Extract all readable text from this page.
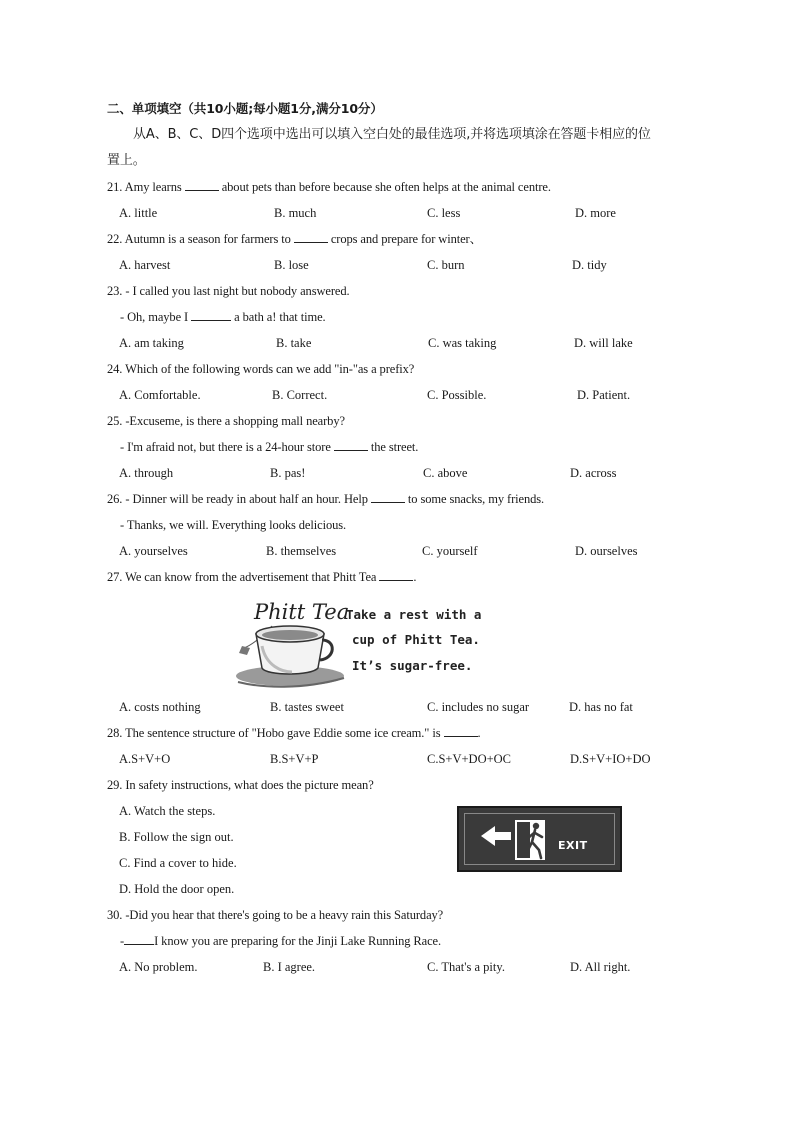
二、单项填空（共10小题;每小题1分,满分10分）
从A、B、C、D四个选项中选出可以填入空白处的最佳选项,并将选项填涂在答题卡相应的位
置上。
21. Amy learns	about pets than before because she often helps at the animal centre.
A. little	B. much	C. less	D. more
22. Autumn is a season for farmers to	crops and prepare for winter、
A. harvest	B. lose	C. burn	D. tidy
23. - I called you last night but nobody answered.
- Oh, maybe I	a bath a! that time.
A. am taking	B. take	C. was taking	D. will lake
24. Which of the following words can we add "in-"as a prefix?
A. Comfortable.	B. Correct.	C. Possible.	D. Patient.
25. -Excuseme, is there a shopping mall nearby?
- I'm afraid not, but there is a 24-hour store	the street.
A. through	B. pas!	C. above	D. across
26. - Dinner will be ready in about half an hour. Help	to some snacks, my friends.
- Thanks, we will. Everything looks delicious.
A. yourselves	B. themselves	C. yourself	D. ourselves
27. We can know from the advertisement that Phitt Tea	.
Phitt Tea
Take a rest with a
cup of Phitt Tea.
It’s sugar-free.
A. costs nothing	B. tastes sweet	C. includes no sugar	D. has no fat
28. The sentence structure of "Hobo gave Eddie some ice cream." is	.
A.S+V+O	B.S+V+P	C.S+V+DO+OC	D.S+V+IO+DO
29. In safety instructions, what does the picture mean?
A. Watch the steps.
B. Follow the sign out.
C. Find a cover to hide.
D. Hold the door open.
EXIT
30. -Did you hear that there's going to be a heavy rain this Saturday?
- I know you are preparing for the Jinji Lake Running Race.
A. No problem.	B. I agree.	C. That's a pity.	D. All right.
